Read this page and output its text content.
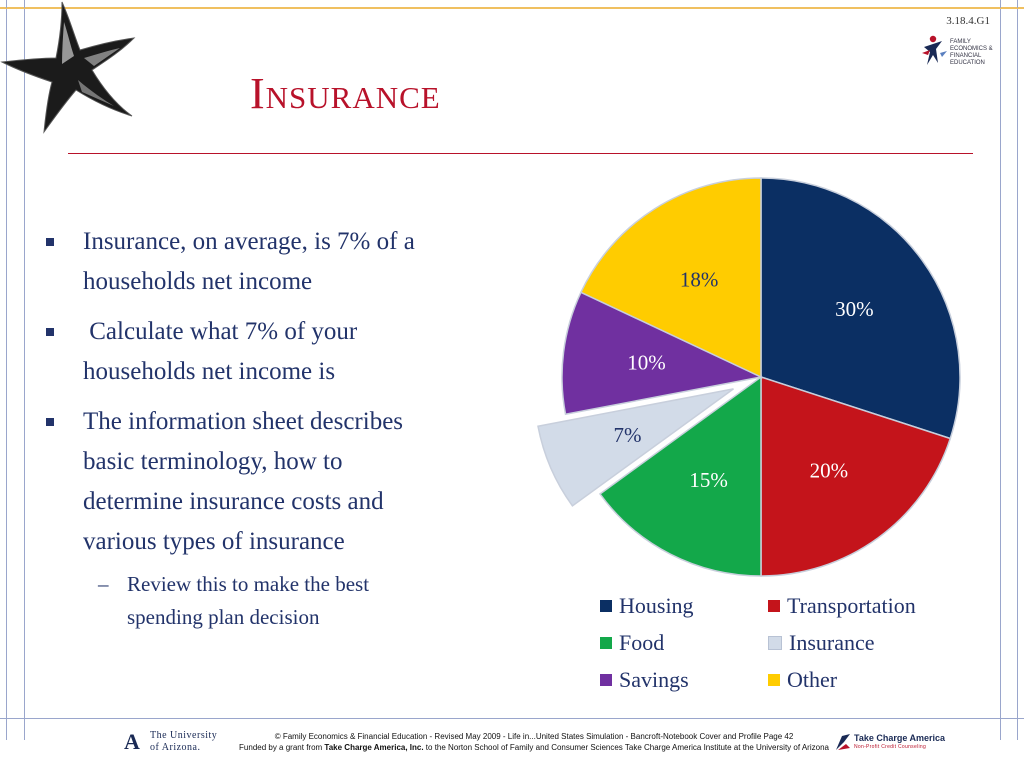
3.18.4.G1
FAMILY
ECONOMICS &
FINANCIAL
EDUCATION
Insurance
Insurance, on average, is 7% of a households net income
Calculate what 7% of your households net income is
The information sheet describes basic terminology, how to determine insurance costs and various types of insurance
– Review this to make the best spending plan decision
30%
20%
15%
7%
10%
18%
Housing	Transportation
Food	Insurance
Savings	Other
A	The University
of Arizona.
© Family Economics & Financial Education - Revised May 2009 - Life in...United States Simulation - Bancroft-Notebook Cover and Profile Page 42
Funded by a grant from Take Charge America, Inc. to the Norton School of Family and Consumer Sciences Take Charge America Institute at the University of Arizona
Take Charge America
Non-Profit Credit Counseling
